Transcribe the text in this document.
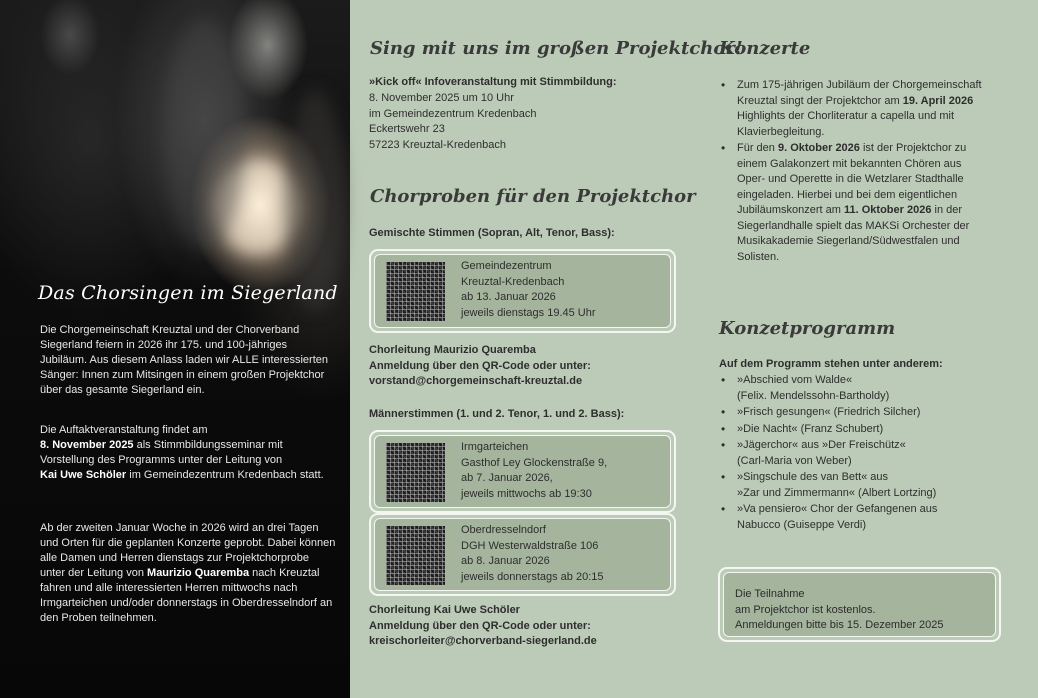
Das Chorsingen im Siegerland

Die Chorgemeinschaft Kreuztal und der Chorverband Siegerland feiern in 2026 ihr 175. und 100-jähriges Jubiläum. Aus diesem Anlass laden wir ALLE interessierten Sänger: Innen zum Mitsingen in einem großen Projektchor über das gesamte Siegerland ein.

Die Auftaktveranstaltung findet am
8. November 2025 als Stimmbildungsseminar mit Vorstellung des Programms unter der Leitung von
Kai Uwe Schöler im Gemeindezentrum Kredenbach statt.

Ab der zweiten Januar Woche in 2026 wird an drei Tagen und Orten für die geplanten Konzerte geprobt. Dabei können alle Damen und Herren dienstags zur Projektchorprobe unter der Leitung von Maurizio Quaremba nach Kreuztal fahren und alle interessierten Herren mittwochs nach Irmgarteichen und/oder donnerstags in Oberdresselndorf an den Proben teilnehmen.

Sing mit uns im großen Projektchor!
»Kick off« Infoveranstaltung mit Stimmbildung:
8. November 2025 um 10 Uhr
im Gemeindezentrum Kredenbach
Eckertswehr 23
57223 Kreuztal-Kredenbach
Chorproben für den Projektchor
Gemischte Stimmen (Sopran, Alt, Tenor, Bass):
Gemeindezentrum
Kreuztal-Kredenbach
ab 13. Januar 2026
jeweils dienstags 19.45 Uhr
Chorleitung Maurizio Quaremba
Anmeldung über den QR-Code oder unter:
vorstand@chorgemeinschaft-kreuztal.de
Männerstimmen (1. und 2. Tenor, 1. und 2. Bass):
Irmgarteichen
Gasthof Ley Glockenstraße 9,
ab 7. Januar 2026,
jeweils mittwochs ab 19:30
Oberdresselndorf
DGH Westerwaldstraße 106
ab 8. Januar 2026
jeweils donnerstags ab 20:15
Chorleitung Kai Uwe Schöler
Anmeldung über den QR-Code oder unter:
kreischorleiter@chorverband-siegerland.de
Konzerte
• Zum 175-jährigen Jubiläum der Chorgemeinschaft Kreuztal singt der Projektchor am 19. April 2026 Highlights der Chorliteratur a capella und mit Klavierbegleitung.
• Für den 9. Oktober 2026 ist der Projektchor zu einem Galakonzert mit bekannten Chören aus Oper- und Operette in die Wetzlarer Stadthalle eingeladen. Hierbei und bei dem eigentlichen Jubiläumskonzert am 11. Oktober 2026 in der Siegerlandhalle spielt das MAKSi Orchester der Musikakademie Siegerland/Südwestfalen und Solisten.
Konzetprogramm
Auf dem Programm stehen unter anderem:
• »Abschied vom Walde«
(Felix. Mendelssohn-Bartholdy)
• »Frisch gesungen« (Friedrich Silcher)
• »Die Nacht« (Franz Schubert)
• »Jägerchor« aus »Der Freischütz«
(Carl-Maria von Weber)
• »Singschule des van Bett« aus
»Zar und Zimmermann« (Albert Lortzing)
• »Va pensiero« Chor der Gefangenen aus
Nabucco (Guiseppe Verdi)
Die Teilnahme
am Projektchor ist kostenlos.
Anmeldungen bitte bis 15. Dezember 2025
